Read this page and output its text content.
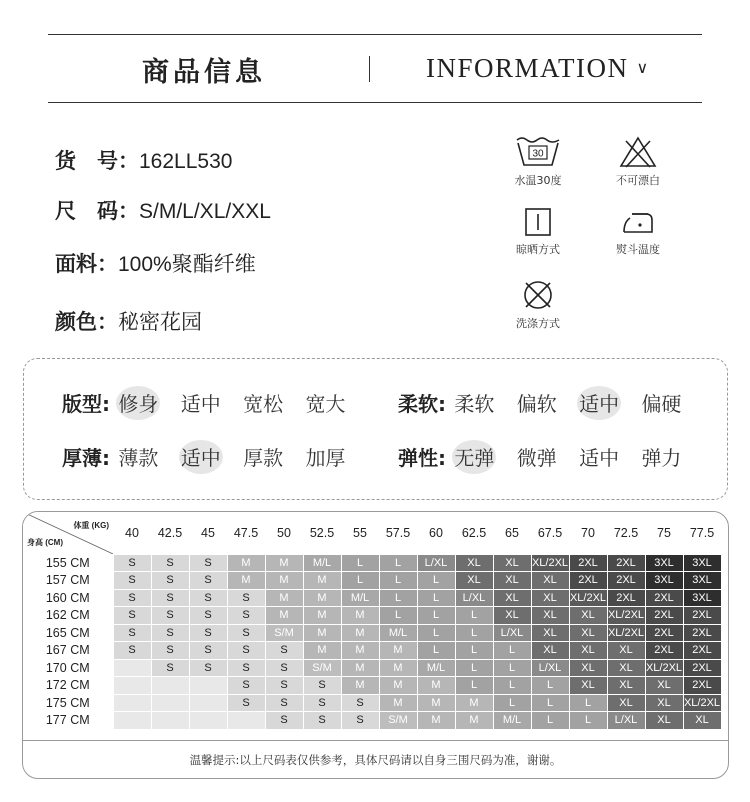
商品信息	INFORMATION ∨
货　号：162LL530
尺　码：S/M/L/XL/XXL
面料：100%聚酯纤维
颜色：秘密花园
30
水温30度	不可漂白
晾晒方式	熨斗温度
洗涤方式
版型: 修身 适中 宽松 宽大	柔软: 柔软 偏软 适中 偏硬
厚薄: 薄款 适中 厚款 加厚	弹性: 无弹 微弹 适中 弹力
体重 (KG)
身高 (CM)	40	42.5	45	47.5	50	52.5	55	57.5	60	62.5	65	67.5	70	72.5	75	77.5
155 CM	S	S	S	M	M	M/L	L	L	L/XL	XL	XL	XL/2XL	2XL	2XL	3XL	3XL
157 CM	S	S	S	M	M	M	L	L	L	XL	XL	XL	2XL	2XL	3XL	3XL
160 CM	S	S	S	S	M	M	M/L	L	L	L/XL	XL	XL	XL/2XL	2XL	2XL	3XL
162 CM	S	S	S	S	M	M	M	L	L	L	XL	XL	XL	XL/2XL	2XL	2XL
165 CM	S	S	S	S	S/M	M	M	M/L	L	L	L/XL	XL	XL	XL/2XL	2XL	2XL
167 CM	S	S	S	S	S	M	M	M	L	L	L	XL	XL	XL	2XL	2XL
170 CM		S	S	S	S	S/M	M	M	M/L	L	L	L/XL	XL	XL	XL/2XL	2XL
172 CM				S	S	S	M	M	M	L	L	L	XL	XL	XL	2XL
175 CM				S	S	S	S	M	M	M	L	L	L	XL	XL	XL/2XL
177 CM					S	S	S	S/M	M	M	M/L	L	L	L/XL	XL	XL
温馨提示:以上尺码表仅供参考，具体尺码请以自身三围尺码为准，谢谢。
